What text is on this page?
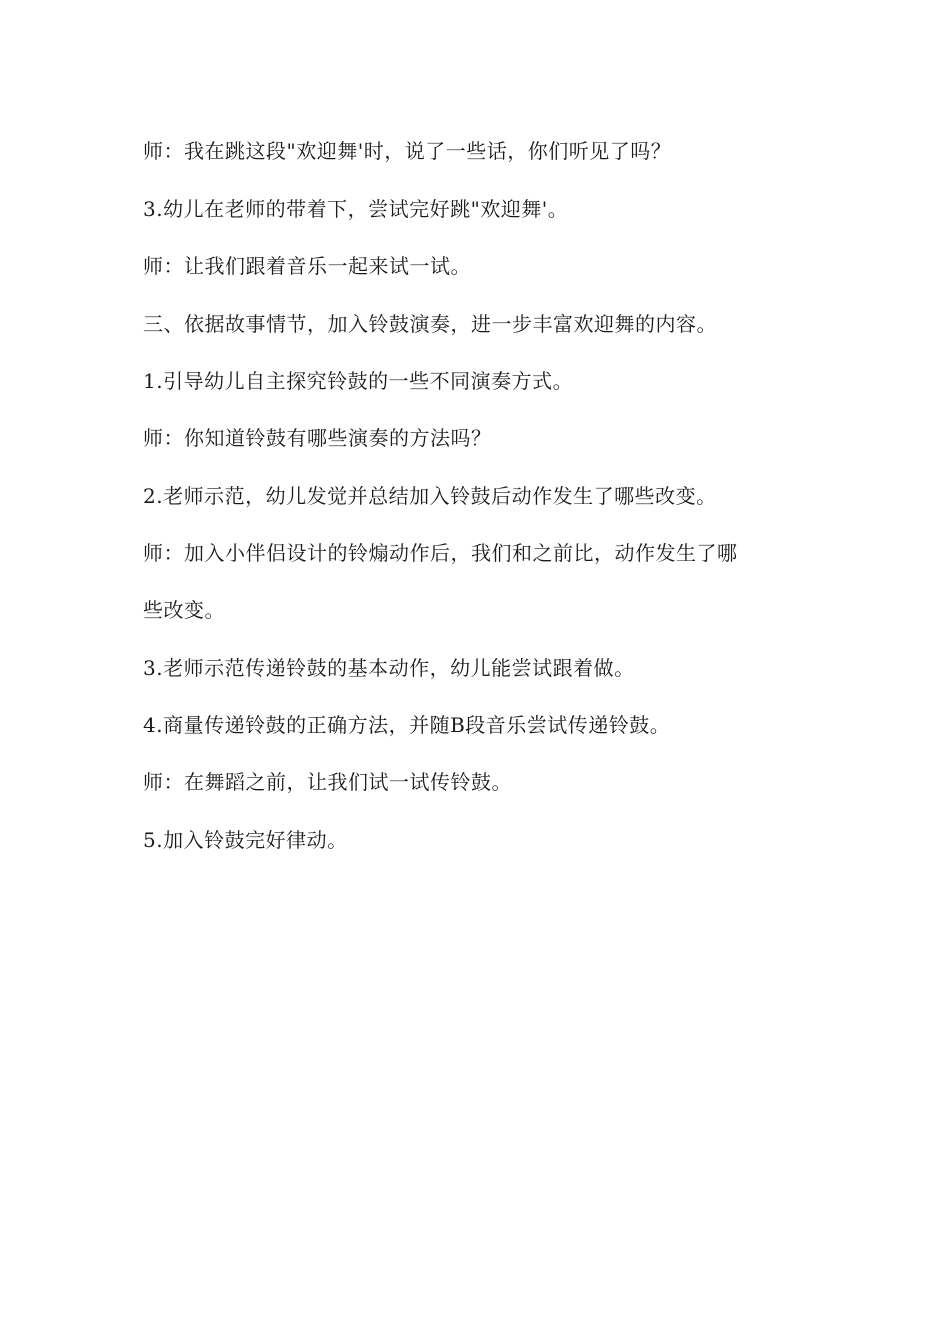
师：我在跳这段"欢迎舞'时，说了一些话，你们听见了吗？
3.幼儿在老师的带着下，尝试完好跳"欢迎舞'。
师：让我们跟着音乐一起来试一试。
三、依据故事情节，加入铃鼓演奏，进一步丰富欢迎舞的内容。
1.引导幼儿自主探究铃鼓的一些不同演奏方式。
师：你知道铃鼓有哪些演奏的方法吗？
2.老师示范，幼儿发觉并总结加入铃鼓后动作发生了哪些改变。
师：加入小伴侣设计的铃煽动作后，我们和之前比，动作发生了哪
些改变。
3.老师示范传递铃鼓的基本动作，幼儿能尝试跟着做。
4.商量传递铃鼓的正确方法，并随B段音乐尝试传递铃鼓。
师：在舞蹈之前，让我们试一试传铃鼓。
5.加入铃鼓完好律动。
